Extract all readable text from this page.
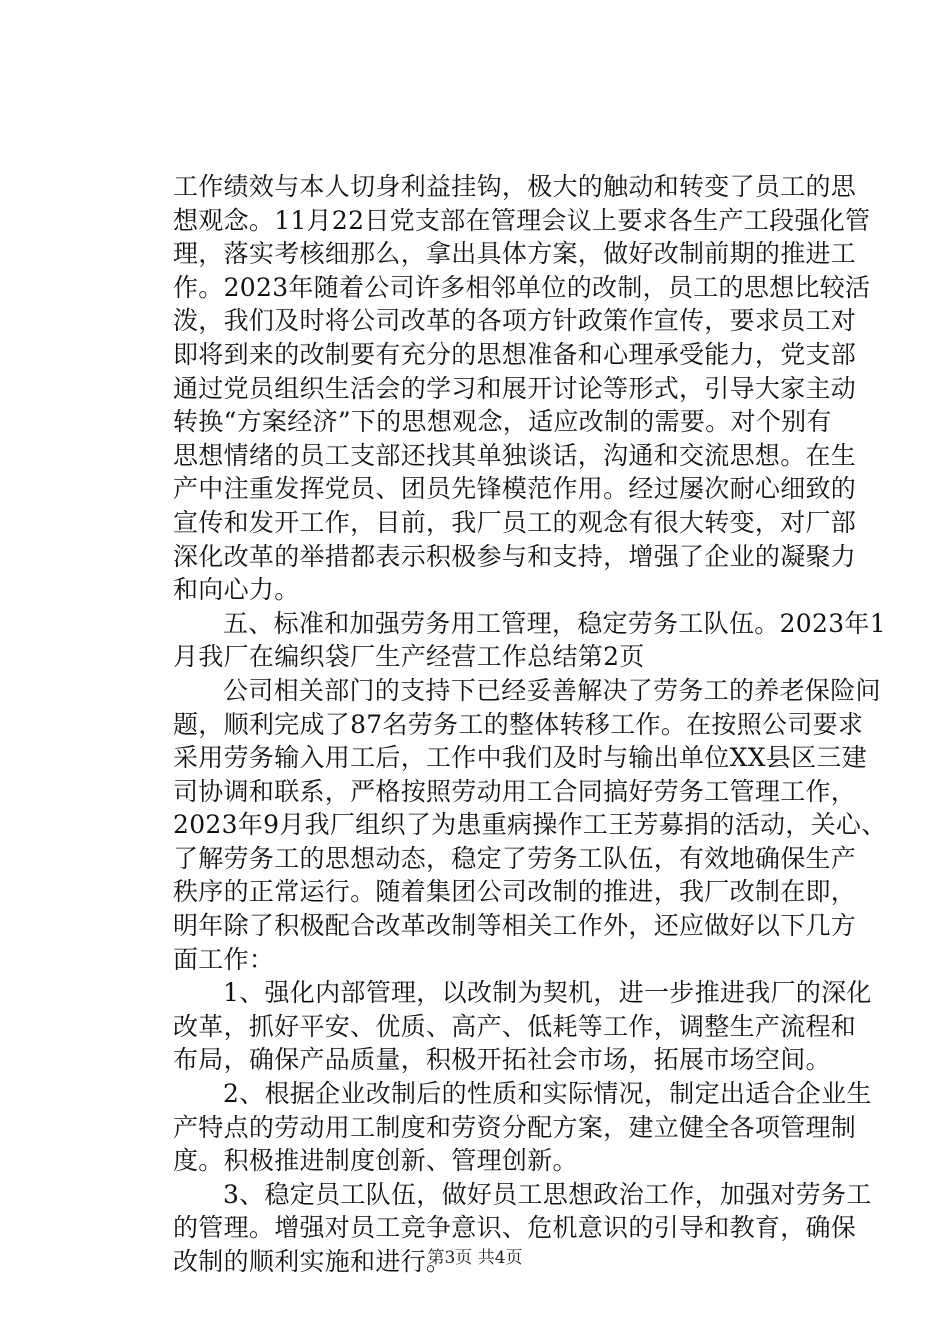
工作绩效与本人切身利益挂钩，极大的触动和转变了员工的思
想观念。11月22日党支部在管理会议上要求各生产工段强化管
理，落实考核细那么，拿出具体方案，做好改制前期的推进工
作。2023年随着公司许多相邻单位的改制，员工的思想比较活
泼，我们及时将公司改革的各项方针政策作宣传，要求员工对
即将到来的改制要有充分的思想准备和心理承受能力，党支部
通过党员组织生活会的学习和展开讨论等形式，引导大家主动
转换“方案经济”下的思想观念，适应改制的需要。对个别有
思想情绪的员工支部还找其单独谈话，沟通和交流思想。在生
产中注重发挥党员、团员先锋模范作用。经过屡次耐心细致的
宣传和发开工作，目前，我厂员工的观念有很大转变，对厂部
深化改革的举措都表示积极参与和支持，增强了企业的凝聚力
和向心力。
五、标准和加强劳务用工管理，稳定劳务工队伍。2023年1
月我厂在编织袋厂生产经营工作总结第2页
公司相关部门的支持下已经妥善解决了劳务工的养老保险问
题，顺利完成了87名劳务工的整体转移工作。在按照公司要求
采用劳务输入用工后，工作中我们及时与输出单位XX县区三建
司协调和联系，严格按照劳动用工合同搞好劳务工管理工作，
2023年9月我厂组织了为患重病操作工王芳募捐的活动，关心、
了解劳务工的思想动态，稳定了劳务工队伍，有效地确保生产
秩序的正常运行。随着集团公司改制的推进，我厂改制在即，
明年除了积极配合改革改制等相关工作外，还应做好以下几方
面工作：
1、强化内部管理，以改制为契机，进一步推进我厂的深化
改革，抓好平安、优质、高产、低耗等工作，调整生产流程和
布局，确保产品质量，积极开拓社会市场，拓展市场空间。
2、根据企业改制后的性质和实际情况，制定出适合企业生
产特点的劳动用工制度和劳资分配方案，建立健全各项管理制
度。积极推进制度创新、管理创新。
3、稳定员工队伍，做好员工思想政治工作，加强对劳务工
的管理。增强对员工竞争意识、危机意识的引导和教育，确保
改制的顺利实施和进行。
第3页 共4页
